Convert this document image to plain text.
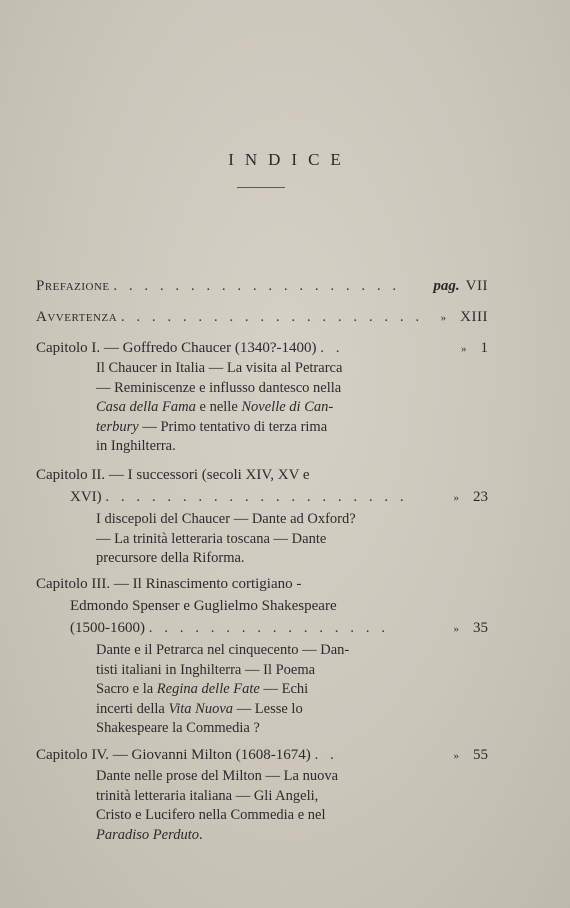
INDICE
Prefazione . . . . . . . . . . . . . . . . . . . pag. VII
Avvertenza . . . . . . . . . . . . . . . . . . . . » XIII
Capitolo I. — Goffredo Chaucer (1340?-1400) . .	» 1
Il Chaucer in Italia — La visita al Petrarca
— Reminiscenze e influsso dantesco nella
Casa della Fama e nelle Novelle di Can-
terbury — Primo tentativo di terza rima
in Inghilterra.
Capitolo II. — I successori (secoli XIV, XV e
XVI) . . . . . . . . . . . . . . . . . . . .	» 23
I discepoli del Chaucer — Dante ad Oxford?
— La trinità letteraria toscana — Dante
precursore della Riforma.
Capitolo III. — Il Rinascimento cortigiano -
Edmondo Spenser e Guglielmo Shakespeare
(1500-1600) . . . . . . . . . . . . . . . .	» 35
Dante e il Petrarca nel cinquecento — Dan-
tisti italiani in Inghilterra — Il Poema
Sacro e la Regina delle Fate — Echi
incerti della Vita Nuova — Lesse lo
Shakespeare la Commedia ?
Capitolo IV. — Giovanni Milton (1608-1674) . .	» 55
Dante nelle prose del Milton — La nuova
trinità letteraria italiana — Gli Angeli,
Cristo e Lucifero nella Commedia e nel
Paradiso Perduto.
